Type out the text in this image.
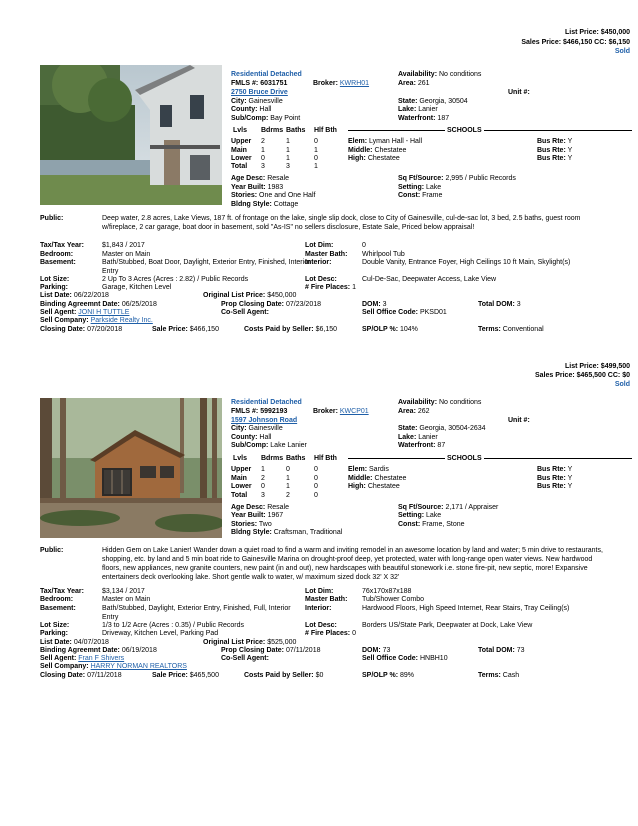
List Price: $450,000
Sales Price: $466,150 CC: $6,150
Sold
Residential Detached
FMLS #: 6031751	Broker: KWRH01
2750 Bruce Drive
City: Gainesville
County: Hall
Sub/Comp: Bay Point
Availability: No conditions
Area: 261
Unit #:
State: Georgia, 30504
Lake: Lanier
Waterfront: 187
Lvls Bdrms Baths Hlf Bth	SCHOOLS
Upper 2	1	0
Main 1	1	1
Lower 0	1	0
Total 3	3	1
Elem: Lyman Hall - Hall	Bus Rte: Y
Middle: Chestatee	Bus Rte: Y
High: Chestatee	Bus Rte: Y
Age Desc: Resale
Year Built: 1983
Stories: One and One Half
Bldng Style: Cottage
Sq Ft/Source: 2,995 / Public Records
Setting: Lake
Const: Frame
Public:	Deep water, 2.8 acres, Lake Views, 187 ft. of frontage on the lake, single slip dock, close to City of Gainesville, cul-de-sac lot, 3 bed, 2.5 baths, guest room w/fireplace, 2 car garage, boat door in basement, sold "As-IS" no sellers disclosure, Estate Sale, Priced below appraisal!
Tax/Tax Year:	$1,843 / 2017
Bedroom:	Master on Main
Basement:	Bath/Stubbed, Boat Door, Daylight, Exterior Entry, Finished, Interior Entry
Lot Size:	2 Up To 3 Acres (Acres : 2.82) / Public Records
Parking:	Garage, Kitchen Level
Lot Dim:	0
Master Bath: Whirlpool Tub
Interior:	Double Vanity, Entrance Foyer, High Ceilings 10 ft Main, Skylight(s)
Lot Desc:	Cul-De-Sac, Deepwater Access, Lake View
# Fire Places: 1
List Date: 06/22/2018	Original List Price: $450,000
Binding Agreemnt Date: 06/25/2018	Prop Closing Date: 07/23/2018	DOM: 3	Total DOM: 3
Sell Agent: JONI H TUTTLE	Co-Sell Agent:	Sell Office Code: PKSD01
Sell Company: Parkside Realty Inc.
Closing Date: 07/20/2018	Sale Price: $466,150	Costs Paid by Seller: $6,150	SP/OLP %: 104%	Terms: Conventional
List Price: $499,500
Sales Price: $465,500 CC: $0
Sold
Residential Detached
FMLS #: 5992193	Broker: KWCP01
1597 Johnson Road
City: Gainesville
County: Hall
Sub/Comp: Lake Lanier
Availability: No conditions
Area: 262
Unit #:
State: Georgia, 30504-2634
Lake: Lanier
Waterfront: 87
Lvls Bdrms Baths Hlf Bth	SCHOOLS
Upper 1	0	0
Main 2	1	0
Lower 0	1	0
Total 3	2	0
Elem: Sardis	Bus Rte: Y
Middle: Chestatee	Bus Rte: Y
High: Chestatee	Bus Rte: Y
Age Desc: Resale
Year Built: 1967
Stories: Two
Bldng Style: Craftsman, Traditional
Sq Ft/Source: 2,171 / Appraiser
Setting: Lake
Const: Frame, Stone
Public:	Hidden Gem on Lake Lanier! Wander down a quiet road to find a warm and inviting remodel in an awesome location by land and water; 5 min drive to restaurants, shopping, etc. by land and 5 min boat ride to Gainesville Marina on drought-proof deep, yet protected, water with long-range open water views. New hardwood floors, new appliances, new granite counters, new paint (in and out), new hardscapes with beautiful stonework i.e. stone fire-pit, new septic, more! Expansive entertainers deck overlooking lake. Short gentle walk to water, w/ maximum sized dock 32' X 32'
Tax/Tax Year:	$3,134 / 2017
Bedroom:	Master on Main
Basement:	Bath/Stubbed, Daylight, Exterior Entry, Finished, Full, Interior Entry
Lot Size:	1/3 to 1/2 Acre (Acres : 0.35) / Public Records
Parking:	Driveway, Kitchen Level, Parking Pad
Lot Dim:	76x170x87x188
Master Bath: Tub/Shower Combo
Interior:	Hardwood Floors, High Speed Internet, Rear Stairs, Tray Ceiling(s)
Lot Desc:	Borders US/State Park, Deepwater at Dock, Lake View
# Fire Places: 0
List Date: 04/07/2018	Original List Price: $525,000
Binding Agreemnt Date: 06/19/2018	Prop Closing Date: 07/11/2018	DOM: 73	Total DOM: 73
Sell Agent: Fran F Shivers	Co-Sell Agent:	Sell Office Code: HNBH10
Sell Company: HARRY NORMAN REALTORS
Closing Date: 07/11/2018	Sale Price: $465,500	Costs Paid by Seller: $0	SP/OLP %: 89%	Terms: Cash
